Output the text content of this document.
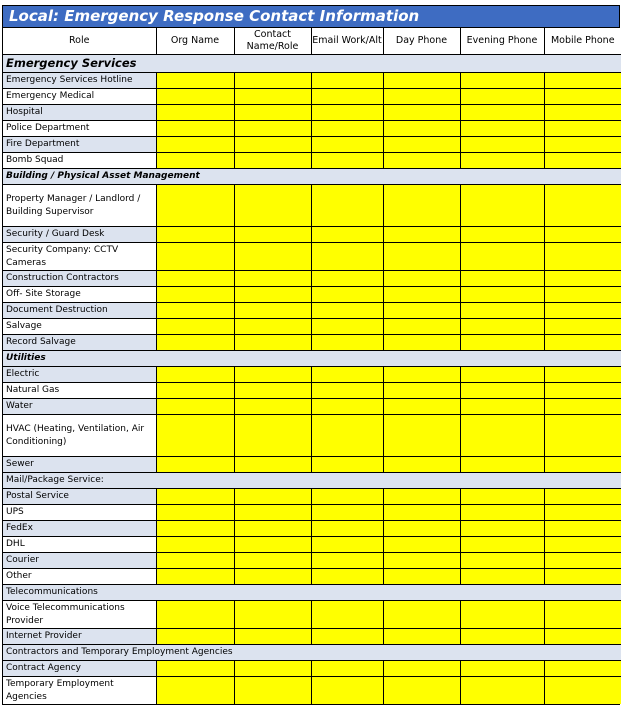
Local: Emergency Response Contact Information
Role	Org Name	Contact Name/Role	Email Work/Alt	Day Phone	Evening Phone	Mobile Phone
Emergency Services						
Emergency Services Hotline						
Emergency Medical						
Hospital						
Police Department						
Fire Department						
Bomb Squad						
Building / Physical Asset Management						
Property Manager / Landlord / Building Supervisor						
Security / Guard Desk						
Security Company: CCTV Cameras						
Construction Contractors						
Off- Site Storage						
Document Destruction						
Salvage						
Record Salvage						
Utilities						
Electric						
Natural Gas						
Water						
HVAC (Heating, Ventilation, Air Conditioning)						
Sewer						
Mail/Package Service:						
Postal Service						
UPS						
FedEx						
DHL						
Courier						
Other						
Telecommunications						
Voice Telecommunications Provider						
Internet Provider						
Contractors and Temporary Employment Agencies						
Contract Agency						
Temporary Employment Agencies						
